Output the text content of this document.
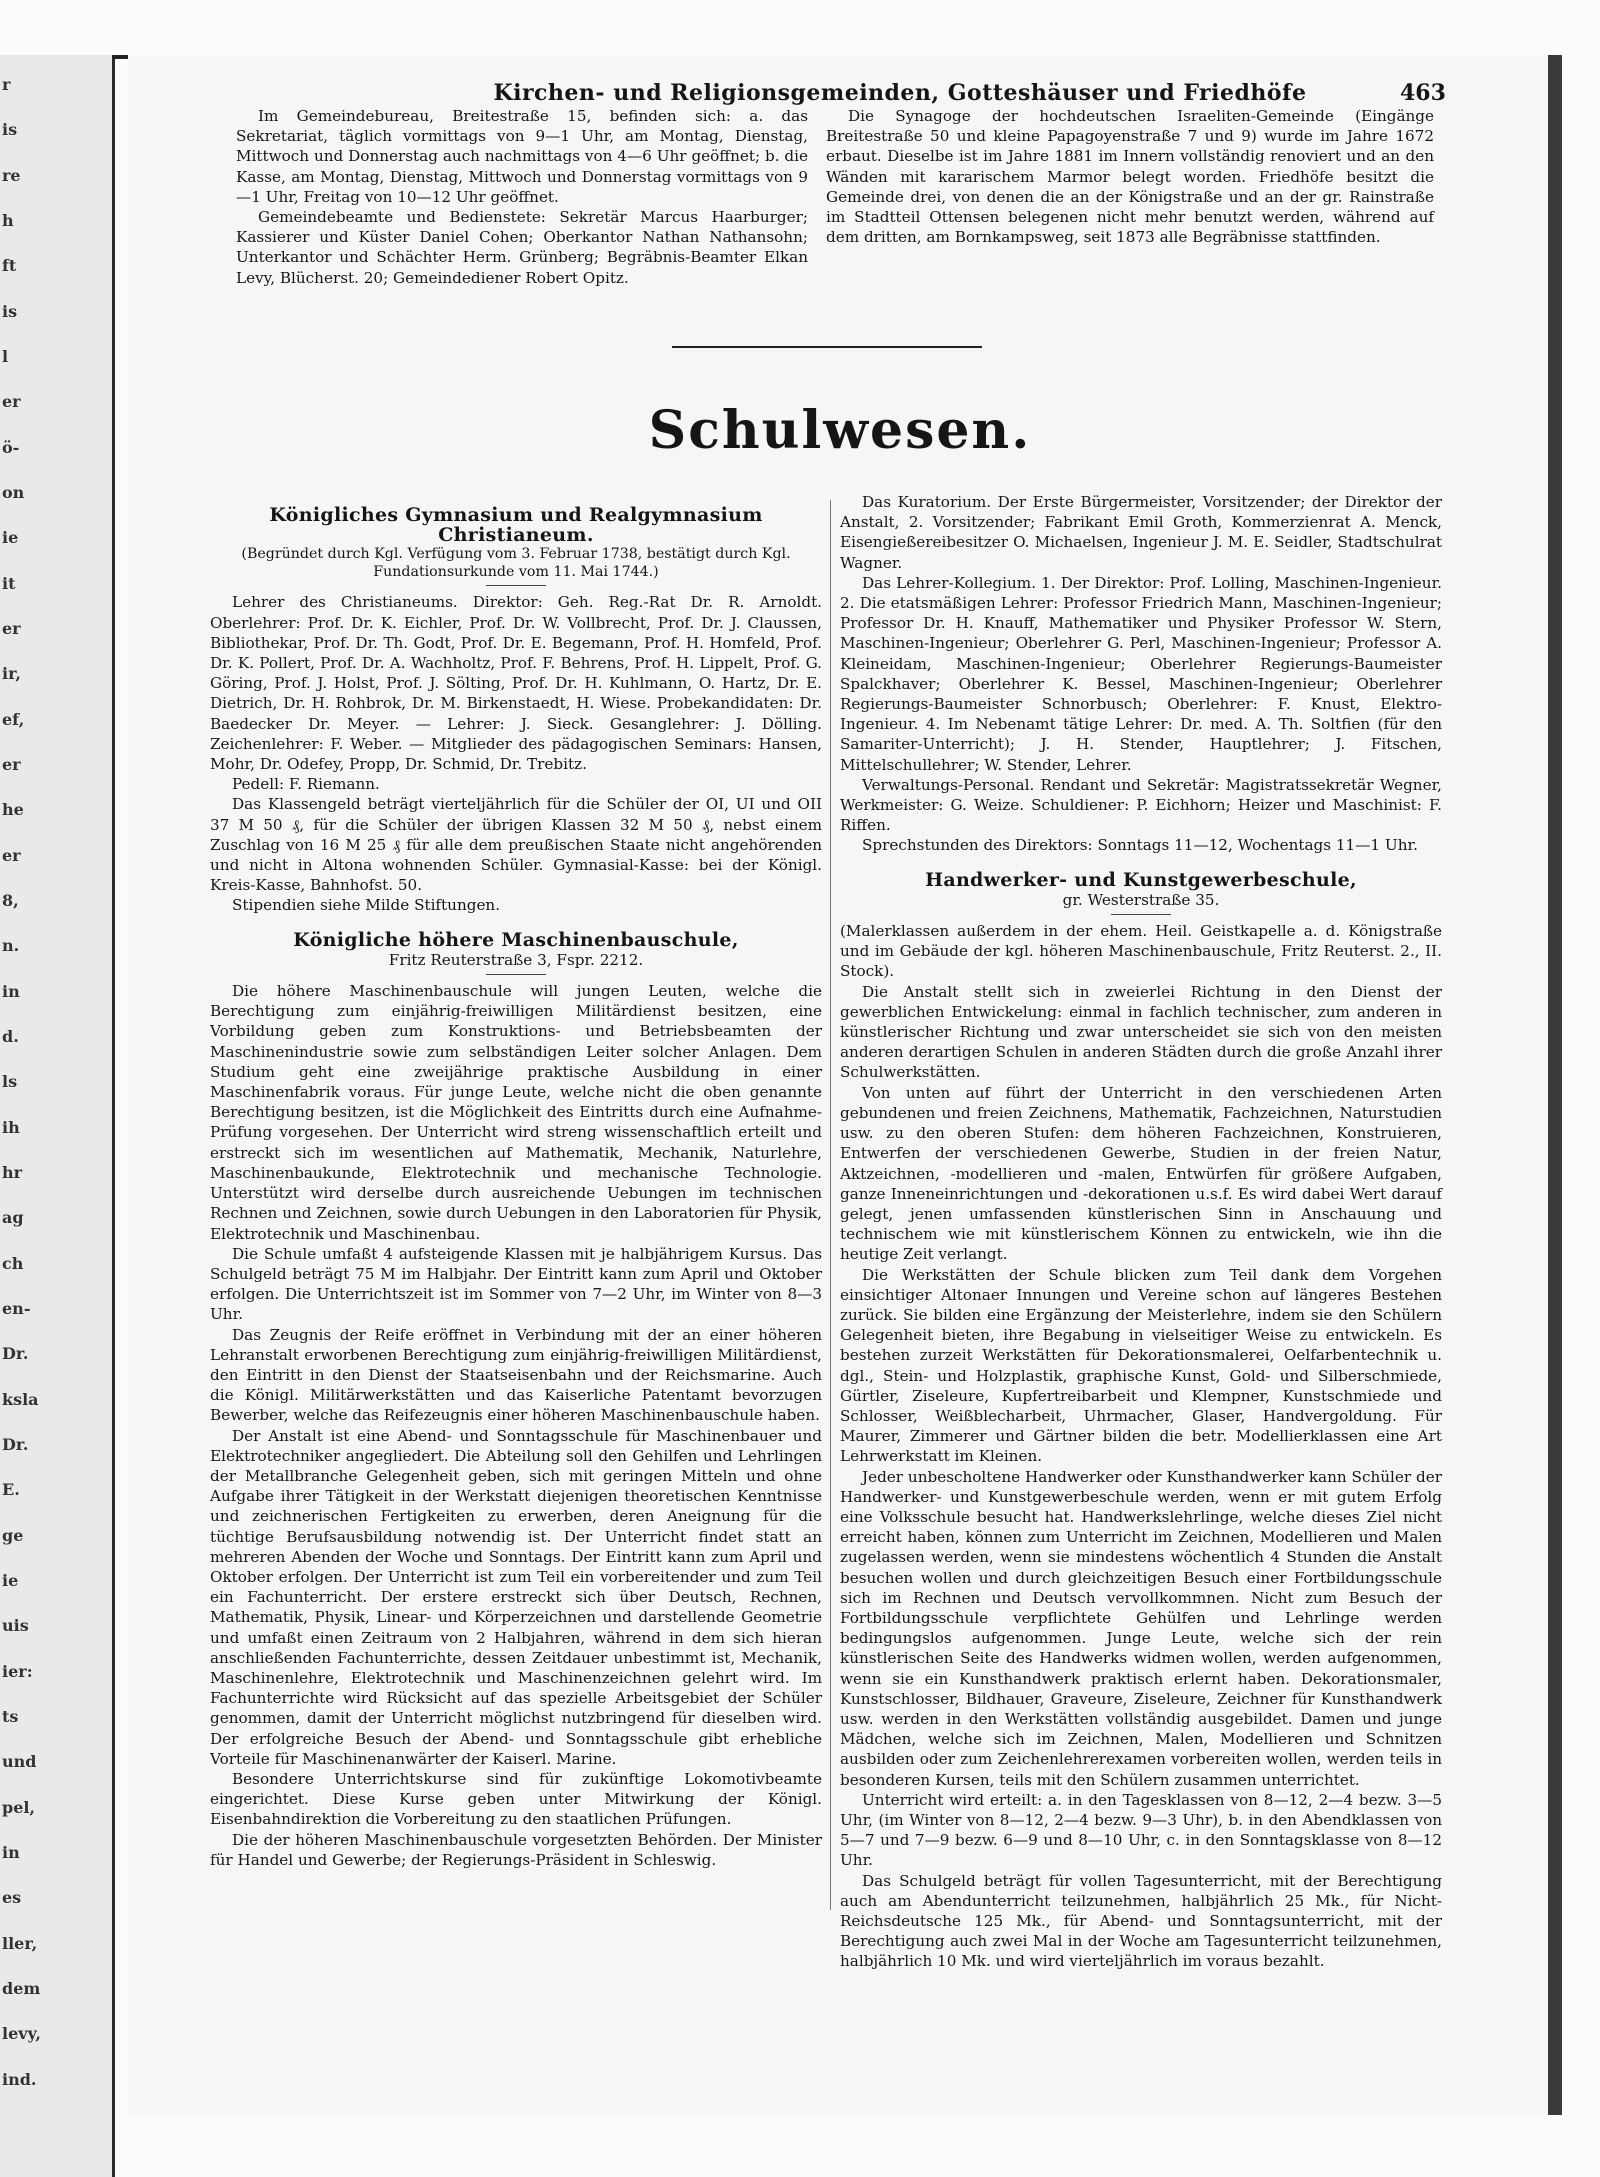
r
is
re
h
ft
is
l
er
ö-
on
ie
it
er
ir,
ef,
er
he
er
8,
n.
in
d.
ls
ih
hr
ag
ch
en-
Dr.
ksla
Dr.
E.
ge
ie
uis
ier:
ts
und
pel,
in
es
ller,
dem
levy,
ind.
Kirchen- und Religionsgemeinden, Gotteshäuser und Friedhöfe	463

Im Gemeindebureau, Breitestraße 15, befinden sich: a. das Sekretariat, täglich vormittags von 9—1 Uhr, am Montag, Dienstag, Mittwoch und Donnerstag auch nachmittags von 4—6 Uhr geöffnet; b. die Kasse, am Montag, Dienstag, Mittwoch und Donnerstag vormittags von 9—1 Uhr, Freitag von 10—12 Uhr geöffnet.

Gemeindebeamte und Bedienstete: Sekretär Marcus Haarburger; Kassierer und Küster Daniel Cohen; Oberkantor Nathan Nathansohn; Unterkantor und Schächter Herm. Grünberg; Begräbnis-Beamter Elkan Levy, Blücherst. 20; Gemeindediener Robert Opitz.

Die Synagoge der hochdeutschen Israeliten-Gemeinde (Eingänge Breitestraße 50 und kleine Papagoyenstraße 7 und 9) wurde im Jahre 1672 erbaut. Dieselbe ist im Jahre 1881 im Innern vollständig renoviert und an den Wänden mit kararischem Marmor belegt worden. Friedhöfe besitzt die Gemeinde drei, von denen die an der Königstraße und an der gr. Rainstraße im Stadtteil Ottensen belegenen nicht mehr benutzt werden, während auf dem dritten, am Bornkampsweg, seit 1873 alle Begräbnisse stattfinden.

Schulwesen.

Königliches Gymnasium und Realgymnasium Christianeum.

(Begründet durch Kgl. Verfügung vom 3. Februar 1738, bestätigt durch Kgl. Fundationsurkunde vom 11. Mai 1744.)

Lehrer des Christianeums. Direktor: Geh. Reg.-Rat Dr. R. Arnoldt. Oberlehrer: Prof. Dr. K. Eichler, Prof. Dr. W. Vollbrecht, Prof. Dr. J. Claussen, Bibliothekar, Prof. Dr. Th. Godt, Prof. Dr. E. Begemann, Prof. H. Homfeld, Prof. Dr. K. Pollert, Prof. Dr. A. Wachholtz, Prof. F. Behrens, Prof. H. Lippelt, Prof. G. Göring, Prof. J. Holst, Prof. J. Sölting, Prof. Dr. H. Kuhlmann, O. Hartz, Dr. E. Dietrich, Dr. H. Rohbrok, Dr. M. Birkenstaedt, H. Wiese. Probekandidaten: Dr. Baedecker Dr. Meyer. — Lehrer: J. Sieck. Gesanglehrer: J. Dölling. Zeichenlehrer: F. Weber. — Mitglieder des pädagogischen Seminars: Hansen, Mohr, Dr. Odefey, Propp, Dr. Schmid, Dr. Trebitz.

Pedell: F. Riemann.

Das Klassengeld beträgt vierteljährlich für die Schüler der OI, UI und OII 37 M 50 ₰, für die Schüler der übrigen Klassen 32 M 50 ₰, nebst einem Zuschlag von 16 M 25 ₰ für alle dem preußischen Staate nicht angehörenden und nicht in Altona wohnenden Schüler. Gymnasial-Kasse: bei der Königl. Kreis-Kasse, Bahnhofst. 50.

Stipendien siehe Milde Stiftungen.

Königliche höhere Maschinenbauschule,

Fritz Reuterstraße 3, Fspr. 2212.

Die höhere Maschinenbauschule will jungen Leuten, welche die Berechtigung zum einjährig-freiwilligen Militärdienst besitzen, eine Vorbildung geben zum Konstruktions- und Betriebsbeamten der Maschinenindustrie sowie zum selbständigen Leiter solcher Anlagen. Dem Studium geht eine zweijährige praktische Ausbildung in einer Maschinenfabrik voraus. Für junge Leute, welche nicht die oben genannte Berechtigung besitzen, ist die Möglichkeit des Eintritts durch eine Aufnahme-Prüfung vorgesehen. Der Unterricht wird streng wissenschaftlich erteilt und erstreckt sich im wesentlichen auf Mathematik, Mechanik, Naturlehre, Maschinenbaukunde, Elektrotechnik und mechanische Technologie. Unterstützt wird derselbe durch ausreichende Uebungen im technischen Rechnen und Zeichnen, sowie durch Uebungen in den Laboratorien für Physik, Elektrotechnik und Maschinenbau.

Die Schule umfaßt 4 aufsteigende Klassen mit je halbjährigem Kursus. Das Schulgeld beträgt 75 M im Halbjahr. Der Eintritt kann zum April und Oktober erfolgen. Die Unterrichtszeit ist im Sommer von 7—2 Uhr, im Winter von 8—3 Uhr.

Das Zeugnis der Reife eröffnet in Verbindung mit der an einer höheren Lehranstalt erworbenen Berechtigung zum einjährig-freiwilligen Militärdienst, den Eintritt in den Dienst der Staatseisenbahn und der Reichsmarine. Auch die Königl. Militärwerkstätten und das Kaiserliche Patentamt bevorzugen Bewerber, welche das Reifezeugnis einer höheren Maschinenbauschule haben.

Der Anstalt ist eine Abend- und Sonntagsschule für Maschinenbauer und Elektrotechniker angegliedert. Die Abteilung soll den Gehilfen und Lehrlingen der Metallbranche Gelegenheit geben, sich mit geringen Mitteln und ohne Aufgabe ihrer Tätigkeit in der Werkstatt diejenigen theoretischen Kenntnisse und zeichnerischen Fertigkeiten zu erwerben, deren Aneignung für die tüchtige Berufsausbildung notwendig ist. Der Unterricht findet statt an mehreren Abenden der Woche und Sonntags. Der Eintritt kann zum April und Oktober erfolgen. Der Unterricht ist zum Teil ein vorbereitender und zum Teil ein Fachunterricht. Der erstere erstreckt sich über Deutsch, Rechnen, Mathematik, Physik, Linear- und Körperzeichnen und darstellende Geometrie und umfaßt einen Zeitraum von 2 Halbjahren, während in dem sich hieran anschließenden Fachunterrichte, dessen Zeitdauer unbestimmt ist, Mechanik, Maschinenlehre, Elektrotechnik und Maschinenzeichnen gelehrt wird. Im Fachunterrichte wird Rücksicht auf das spezielle Arbeitsgebiet der Schüler genommen, damit der Unterricht möglichst nutzbringend für dieselben wird. Der erfolgreiche Besuch der Abend- und Sonntagsschule gibt erhebliche Vorteile für Maschinenanwärter der Kaiserl. Marine.

Besondere Unterrichtskurse sind für zukünftige Lokomotivbeamte eingerichtet. Diese Kurse geben unter Mitwirkung der Königl. Eisenbahndirektion die Vorbereitung zu den staatlichen Prüfungen.

Die der höheren Maschinenbauschule vorgesetzten Behörden. Der Minister für Handel und Gewerbe; der Regierungs-Präsident in Schleswig.

Das Kuratorium. Der Erste Bürgermeister, Vorsitzender; der Direktor der Anstalt, 2. Vorsitzender; Fabrikant Emil Groth, Kommerzienrat A. Menck, Eisengießereibesitzer O. Michaelsen, Ingenieur J. M. E. Seidler, Stadtschulrat Wagner.

Das Lehrer-Kollegium. 1. Der Direktor: Prof. Lolling, Maschinen-Ingenieur. 2. Die etatsmäßigen Lehrer: Professor Friedrich Mann, Maschinen-Ingenieur; Professor Dr. H. Knauff, Mathematiker und Physiker Professor W. Stern, Maschinen-Ingenieur; Oberlehrer G. Perl, Maschinen-Ingenieur; Professor A. Kleineidam, Maschinen-Ingenieur; Oberlehrer Regierungs-Baumeister Spalckhaver; Oberlehrer K. Bessel, Maschinen-Ingenieur; Oberlehrer Regierungs-Baumeister Schnorbusch; Oberlehrer: F. Knust, Elektro-Ingenieur. 4. Im Nebenamt tätige Lehrer: Dr. med. A. Th. Soltfien (für den Samariter-Unterricht); J. H. Stender, Hauptlehrer; J. Fitschen, Mittelschullehrer; W. Stender, Lehrer.

Verwaltungs-Personal. Rendant und Sekretär: Magistratssekretär Wegner, Werkmeister: G. Weize. Schuldiener: P. Eichhorn; Heizer und Maschinist: F. Riffen.

Sprechstunden des Direktors: Sonntags 11—12, Wochentags 11—1 Uhr.

Handwerker- und Kunstgewerbeschule,

gr. Westerstraße 35.

(Malerklassen außerdem in der ehem. Heil. Geistkapelle a. d. Königstraße und im Gebäude der kgl. höheren Maschinenbauschule, Fritz Reuterst. 2., II. Stock).

Die Anstalt stellt sich in zweierlei Richtung in den Dienst der gewerblichen Entwickelung: einmal in fachlich technischer, zum anderen in künstlerischer Richtung und zwar unterscheidet sie sich von den meisten anderen derartigen Schulen in anderen Städten durch die große Anzahl ihrer Schulwerkstätten.

Von unten auf führt der Unterricht in den verschiedenen Arten gebundenen und freien Zeichnens, Mathematik, Fachzeichnen, Naturstudien usw. zu den oberen Stufen: dem höheren Fachzeichnen, Konstruieren, Entwerfen der verschiedenen Gewerbe, Studien in der freien Natur, Aktzeichnen, -modellieren und -malen, Entwürfen für größere Aufgaben, ganze Inneneinrichtungen und -dekorationen u.s.f. Es wird dabei Wert darauf gelegt, jenen umfassenden künstlerischen Sinn in Anschauung und technischem wie mit künstlerischem Können zu entwickeln, wie ihn die heutige Zeit verlangt.

Die Werkstätten der Schule blicken zum Teil dank dem Vorgehen einsichtiger Altonaer Innungen und Vereine schon auf längeres Bestehen zurück. Sie bilden eine Ergänzung der Meisterlehre, indem sie den Schülern Gelegenheit bieten, ihre Begabung in vielseitiger Weise zu entwickeln. Es bestehen zurzeit Werkstätten für Dekorationsmalerei, Oelfarbentechnik u. dgl., Stein- und Holzplastik, graphische Kunst, Gold- und Silberschmiede, Gürtler, Ziseleure, Kupfertreibarbeit und Klempner, Kunstschmiede und Schlosser, Weißblecharbeit, Uhrmacher, Glaser, Handvergoldung. Für Maurer, Zimmerer und Gärtner bilden die betr. Modellierklassen eine Art Lehrwerkstatt im Kleinen.

Jeder unbescholtene Handwerker oder Kunsthandwerker kann Schüler der Handwerker- und Kunstgewerbeschule werden, wenn er mit gutem Erfolg eine Volksschule besucht hat. Handwerkslehrlinge, welche dieses Ziel nicht erreicht haben, können zum Unterricht im Zeichnen, Modellieren und Malen zugelassen werden, wenn sie mindestens wöchentlich 4 Stunden die Anstalt besuchen wollen und durch gleichzeitigen Besuch einer Fortbildungsschule sich im Rechnen und Deutsch vervollkommnen. Nicht zum Besuch der Fortbildungsschule verpflichtete Gehülfen und Lehrlinge werden bedingungslos aufgenommen. Junge Leute, welche sich der rein künstlerischen Seite des Handwerks widmen wollen, werden aufgenommen, wenn sie ein Kunsthandwerk praktisch erlernt haben. Dekorationsmaler, Kunstschlosser, Bildhauer, Graveure, Ziseleure, Zeichner für Kunsthandwerk usw. werden in den Werkstätten vollständig ausgebildet. Damen und junge Mädchen, welche sich im Zeichnen, Malen, Modellieren und Schnitzen ausbilden oder zum Zeichenlehrerexamen vorbereiten wollen, werden teils in besonderen Kursen, teils mit den Schülern zusammen unterrichtet.

Unterricht wird erteilt: a. in den Tagesklassen von 8—12, 2—4 bezw. 3—5 Uhr, (im Winter von 8—12, 2—4 bezw. 9—3 Uhr), b. in den Abendklassen von 5—7 und 7—9 bezw. 6—9 und 8—10 Uhr, c. in den Sonntagsklasse von 8—12 Uhr.

Das Schulgeld beträgt für vollen Tagesunterricht, mit der Berechtigung auch am Abendunterricht teilzunehmen, halbjährlich 25 Mk., für Nicht-Reichsdeutsche 125 Mk., für Abend- und Sonntagsunterricht, mit der Berechtigung auch zwei Mal in der Woche am Tagesunterricht teilzunehmen, halbjährlich 10 Mk. und wird vierteljährlich im voraus bezahlt.
